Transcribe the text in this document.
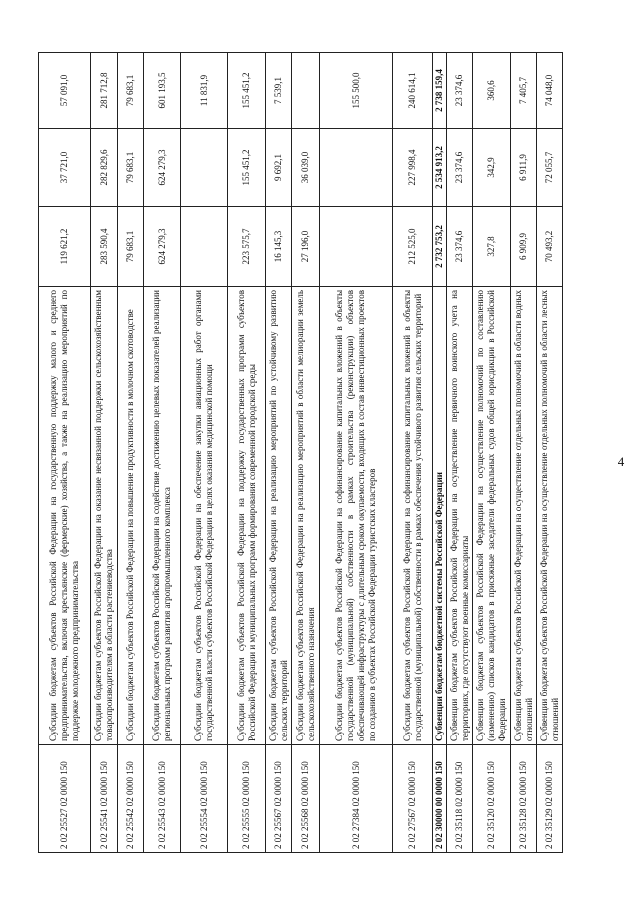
4
2 02 25527 02 0000 150	Субсидии бюджетам субъектов Российской Федерации на государственную поддержку малого и среднего предпринимательства, включая крестьянские (фермерские) хозяйства, а также на реализацию мероприятий по поддержке молодежного предпринимательства	119 621,2	37 721,0	57 091,0
2 02 25541 02 0000 150	Субсидии бюджетам субъектов Российской Федерации на оказание несвязанной поддержки сельскохозяйственным товаропроизводителям в области растениеводства	283 590,4	282 829,6	281 712,8
2 02 25542 02 0000 150	Субсидии бюджетам субъектов Российской Федерации на повышение продуктивности в молочном скотоводстве	79 683,1	79 683,1	79 683,1
2 02 25543 02 0000 150	Субсидии бюджетам субъектов Российской Федерации на содействие достижению целевых показателей реализации региональных программ развития агропромышленного комплекса	624 279,3	624 279,3	601 193,5
2 02 25554 02 0000 150	Субсидии бюджетам субъектов Российской Федерации на обеспечение закупки авиационных работ органами государственной власти субъектов Российской Федерации в целях оказания медицинской помощи			11 831,9
2 02 25555 02 0000 150	Субсидии бюджетам субъектов Российской Федерации на поддержку государственных программ субъектов Российской Федерации и муниципальных программ формирования современной городской среды	223 575,7	155 451,2	155 451,2
2 02 25567 02 0000 150	Субсидии бюджетам субъектов Российской Федерации на реализацию мероприятий по устойчивому развитию сельских территорий	16 145,3	9 692,1	7 539,1
2 02 25568 02 0000 150	Субсидии бюджетам субъектов Российской Федерации на реализацию мероприятий в области мелиорации земель сельскохозяйственного назначения	27 196,0	36 039,0	
2 02 27384 02 0000 150	Субсидии бюджетам субъектов Российской Федерации на софинансирование капитальных вложений в объекты государственной (муниципальной) собственности в рамках строительства (реконструкции) объектов обеспечивающей инфраструктуры с длительным сроком окупаемости, входящих в состав инвестиционных проектов по созданию в субъектах Российской Федерации туристских кластеров			155 500,0
2 02 27567 02 0000 150	Субсидии бюджетам субъектов Российской Федерации на софинансирование капитальных вложений в объекты государственной (муниципальной) собственности в рамках обеспечения устойчивого развития сельских территорий	212 525,0	227 998,4	240 614,1
2 02 30000 00 0000 150	Субвенции бюджетам бюджетной системы Российской Федерации	2 732 753,2	2 534 913,2	2 738 159,4
2 02 35118 02 0000 150	Субвенции бюджетам субъектов Российской Федерации на осуществление первичного воинского учета на территориях, где отсутствуют военные комиссариаты	23 374,6	23 374,6	23 374,6
2 02 35120 02 0000 150	Субвенции бюджетам субъектов Российской Федерации на осуществление полномочий по составлению (изменению) списков кандидатов в присяжные заседатели федеральных судов общей юрисдикции в Российской Федерации	327,8	342,9	360,6
2 02 35128 02 0000 150	Субвенции бюджетам субъектов Российской Федерации на осуществление отдельных полномочий в области водных отношений	6 909,9	6 911,9	7 405,7
2 02 35129 02 0000 150	Субвенции бюджетам субъектов Российской Федерации на осуществление отдельных полномочий в области лесных отношений	70 493,2	72 055,7	74 048,0
